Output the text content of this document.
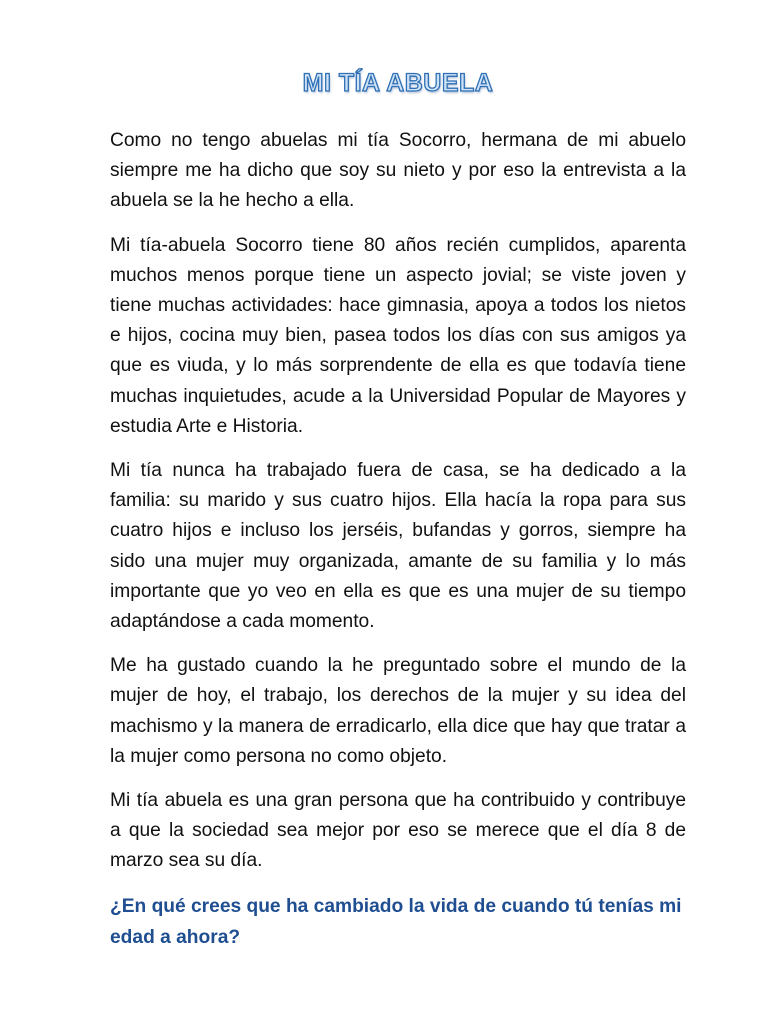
MI TÍA ABUELA

Como no tengo abuelas mi tía Socorro, hermana de mi abuelo siempre me ha dicho que soy su nieto y por eso la entrevista a la abuela se la he hecho a ella.

Mi tía-abuela Socorro tiene 80 años recién cumplidos, aparenta muchos menos porque tiene un aspecto jovial; se viste joven y tiene muchas actividades: hace gimnasia, apoya a todos los nietos e hijos, cocina muy bien, pasea todos los días con sus amigos ya que es viuda, y lo más sorprendente de ella es que todavía tiene muchas inquietudes, acude a la Universidad Popular de Mayores y estudia Arte e Historia.

Mi tía nunca ha trabajado fuera de casa, se ha dedicado a la familia: su marido y sus cuatro hijos. Ella hacía la ropa para sus cuatro hijos e incluso los jerséis, bufandas y gorros, siempre ha sido una mujer muy organizada, amante de su familia y lo más importante que yo veo en ella es que es una mujer de su tiempo adaptándose a cada momento.

Me ha gustado cuando la he preguntado sobre el mundo de la mujer de hoy, el trabajo, los derechos de la mujer y su idea del machismo y la manera de erradicarlo, ella dice que hay que tratar a la mujer como persona no como objeto.

Mi tía abuela es una gran persona que ha contribuido y contribuye a que la sociedad sea mejor por eso se merece que el día 8 de marzo sea su día.

¿En qué crees que ha cambiado la vida de cuando tú tenías mi edad a ahora?
